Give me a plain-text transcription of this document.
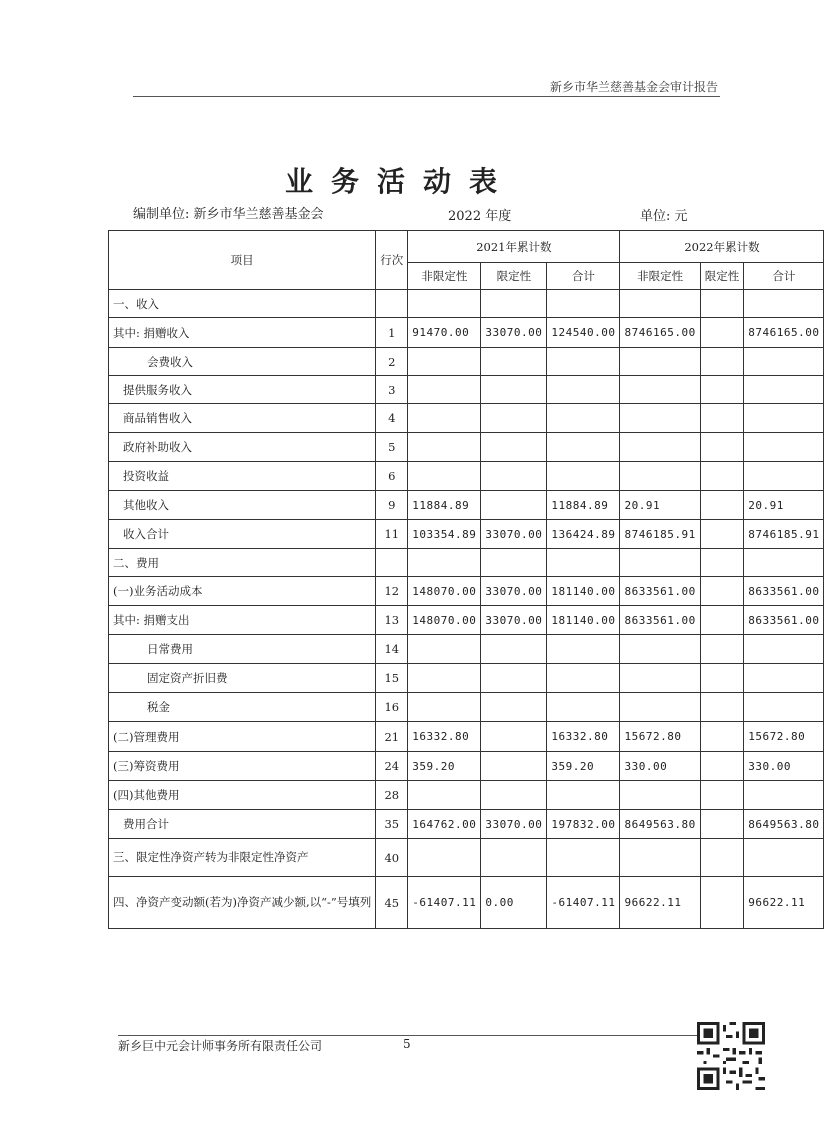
新乡市华兰慈善基金会审计报告
业务活动表
编制单位: 新乡市华兰慈善基金会	2022 年度	单位: 元
项目	行次	2021年累计数			2022年累计数		
		非限定性	限定性	合计	非限定性	限定性	合计
一、收入							
其中: 捐赠收入	1	91470.00	33070.00	124540.00	8746165.00		8746165.00
会费收入	2						
提供服务收入	3						
商品销售收入	4						
政府补助收入	5						
投资收益	6						
其他收入	9	11884.89		11884.89	20.91		20.91
收入合计	11	103354.89	33070.00	136424.89	8746185.91		8746185.91
二、费用							
(一)业务活动成本	12	148070.00	33070.00	181140.00	8633561.00		8633561.00
其中: 捐赠支出	13	148070.00	33070.00	181140.00	8633561.00		8633561.00
日常费用	14						
固定资产折旧费	15						
税金	16						
(二)管理费用	21	16332.80		16332.80	15672.80		15672.80
(三)筹资费用	24	359.20		359.20	330.00		330.00
(四)其他费用	28						
费用合计	35	164762.00	33070.00	197832.00	8649563.80		8649563.80
三、限定性净资产转为非限定性净资产	40						
四、净资产变动额(若为)净资产减少额,以“-”号填列	45	-61407.11	0.00	-61407.11	96622.11		96622.11
新乡巨中元会计师事务所有限责任公司	5
